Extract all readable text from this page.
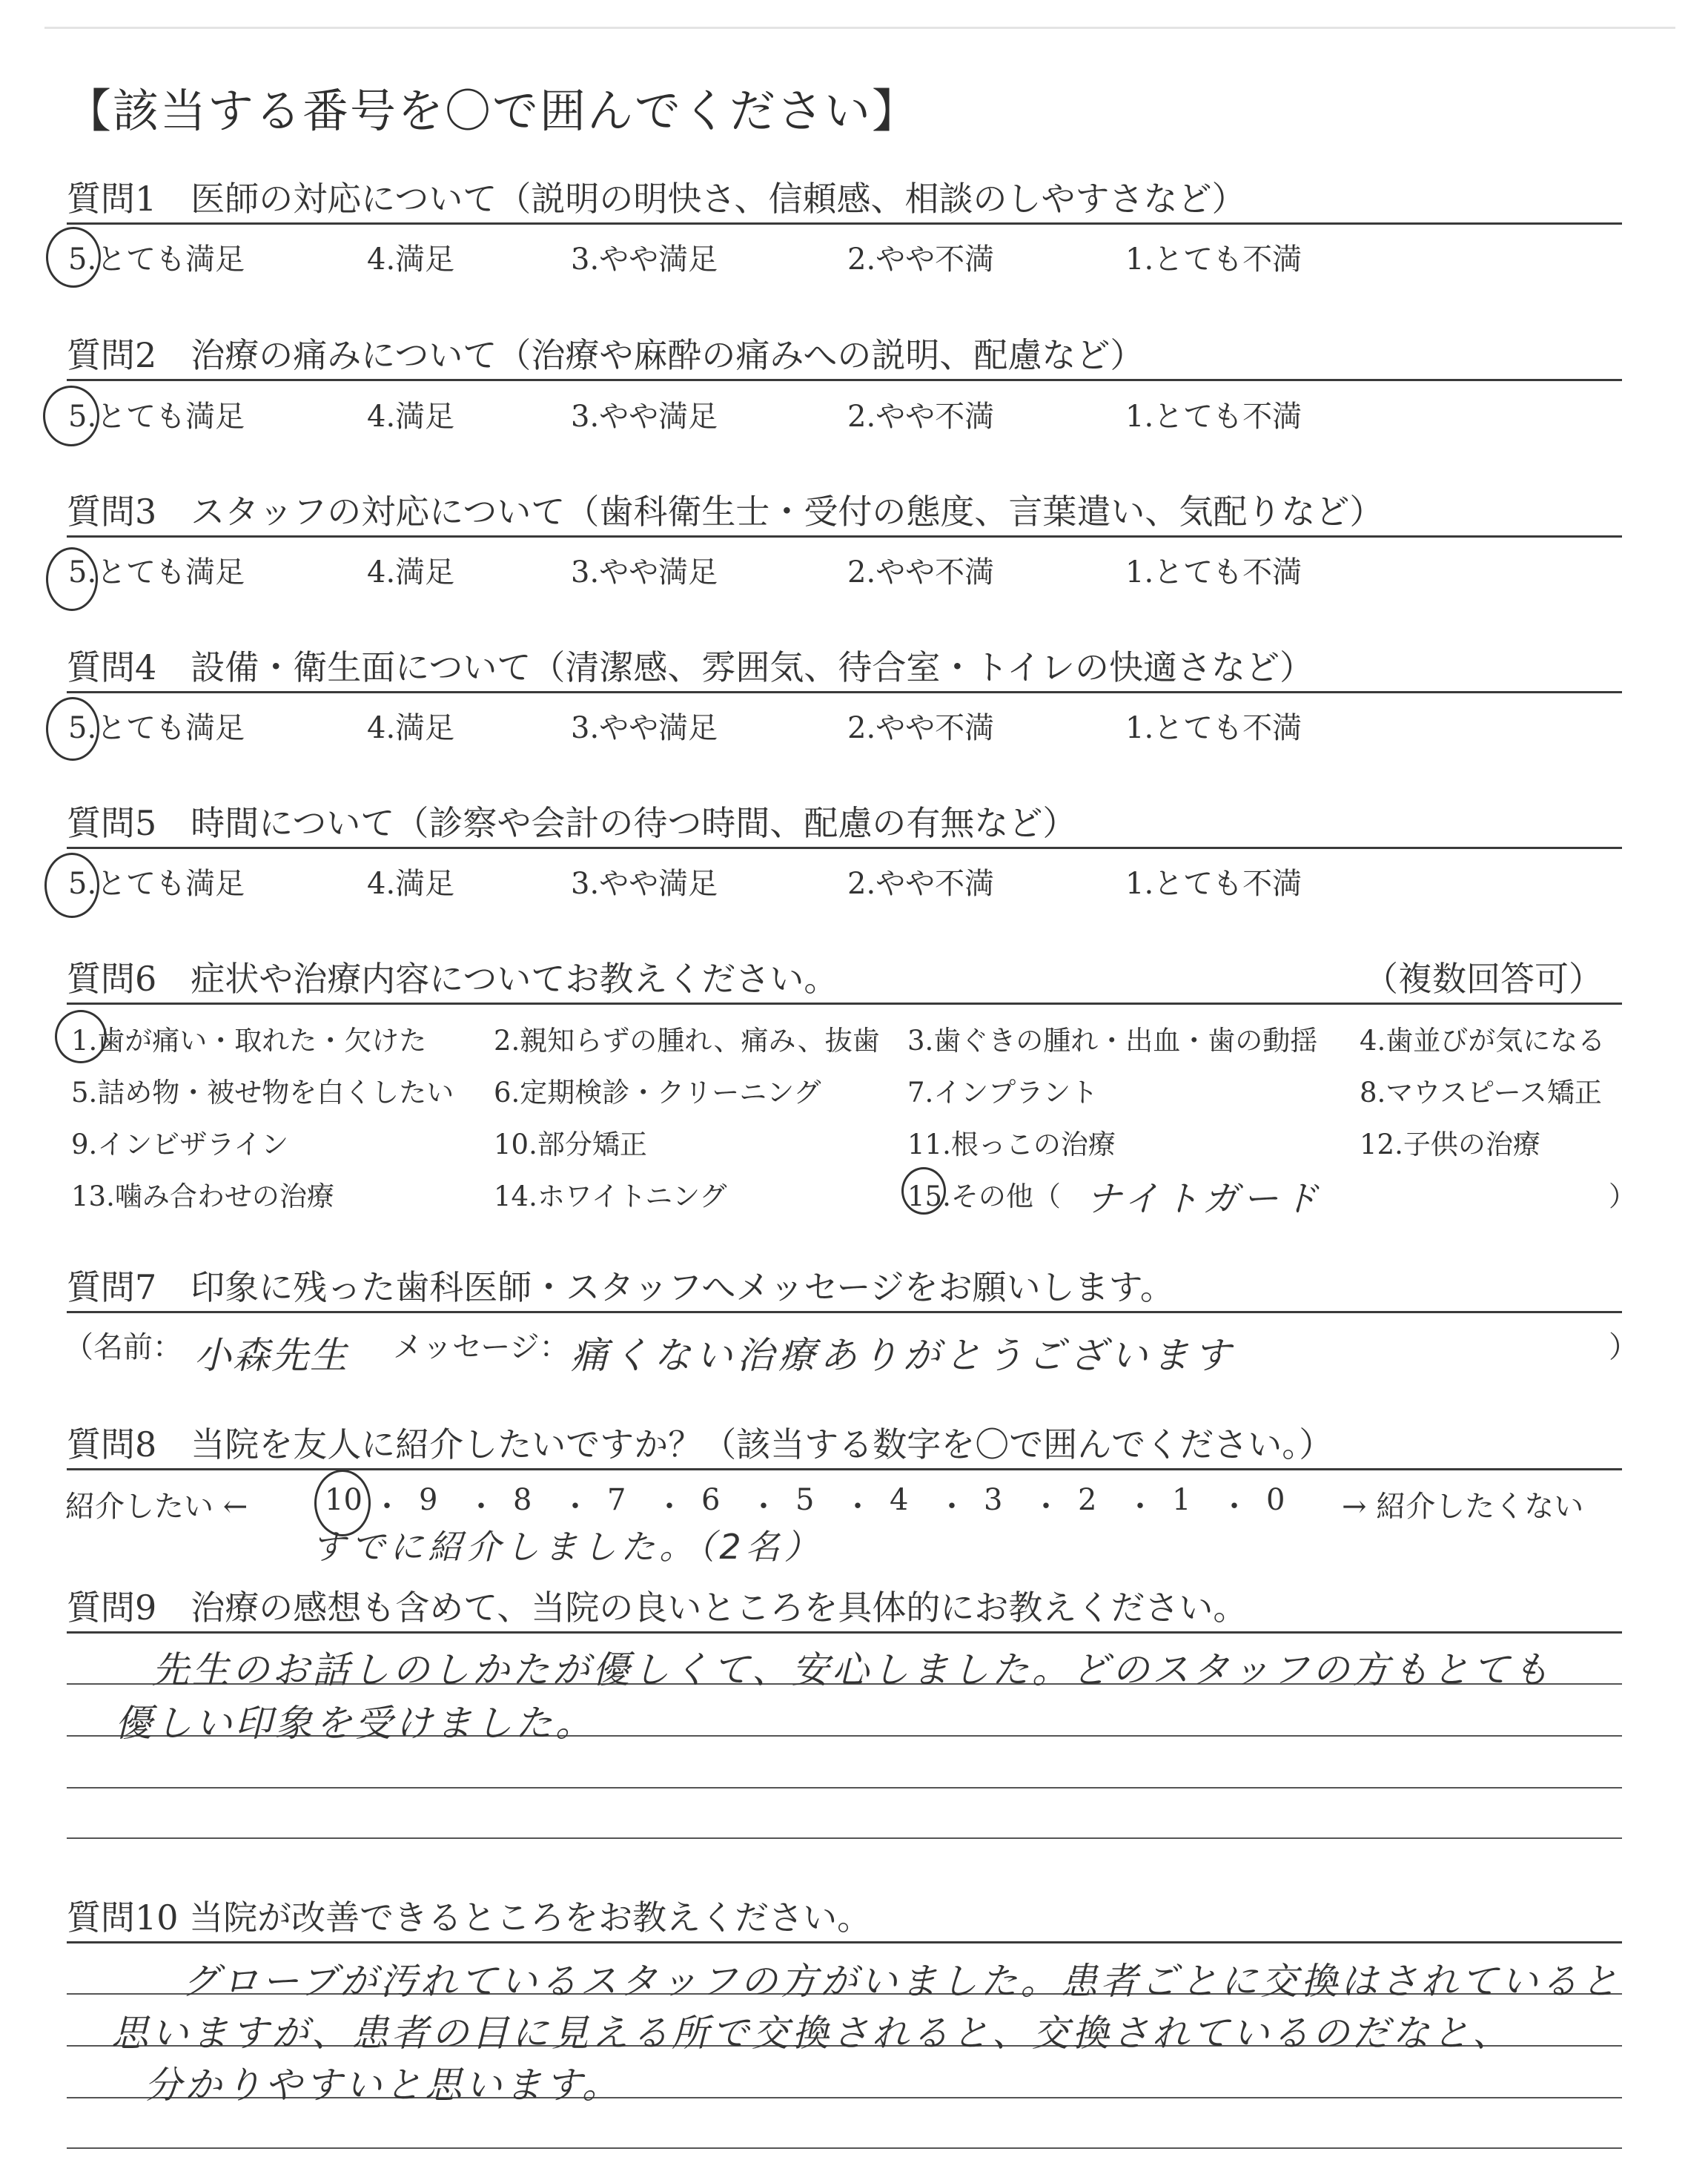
【該当する番号を〇で囲んでください】
質問1　医師の対応について（説明の明快さ、信頼感、相談のしやすさなど）
5.とても満足	4.満足	3.やや満足	2.やや不満	1.とても不満
質問2　治療の痛みについて（治療や麻酔の痛みへの説明、配慮など）
5.とても満足	4.満足	3.やや満足	2.やや不満	1.とても不満
質問3　スタッフの対応について（歯科衛生士・受付の態度、言葉遣い、気配りなど）
5.とても満足	4.満足	3.やや満足	2.やや不満	1.とても不満
質問4　設備・衛生面について（清潔感、雰囲気、待合室・トイレの快適さなど）
5.とても満足	4.満足	3.やや満足	2.やや不満	1.とても不満
質問5　時間について（診察や会計の待つ時間、配慮の有無など）
5.とても満足	4.満足	3.やや満足	2.やや不満	1.とても不満
質問6　症状や治療内容についてお教えください。	（複数回答可）
1.歯が痛い・取れた・欠けた 2.親知らずの腫れ、痛み、抜歯 3.歯ぐきの腫れ・出血・歯の動揺 4.歯並びが気になる
5.詰め物・被せ物を白くしたい 6.定期検診・クリーニング	7.インプラント	8.マウスピース矯正
9.インビザライン	10.部分矯正	11.根っこの治療	12.子供の治療
13.噛み合わせの治療	14.ホワイトニング	15.その他（ ナイトガード	）
質問7　印象に残った歯科医師・スタッフへメッセージをお願いします。
（名前： 小森先生 メッセージ： 痛くない治療ありがとうございます	）
質問8　当院を友人に紹介したいですか？（該当する数字を〇で囲んでください。）
紹介したい ←	10 ・ 9 ・ 8 ・ 7 ・ 6 ・ 5 ・ 4 ・ 3 ・ 2 ・ 1 ・ 0 → 紹介したくない
すでに紹介しました。（2名）
質問9　治療の感想も含めて、当院の良いところを具体的にお教えください。
先生のお話しのしかたが優しくて、安心しました。どのスタッフの方もとても
優しい印象を受けました。
質問10 当院が改善できるところをお教えください。
グローブが汚れているスタッフの方がいました。患者ごとに交換はされていると
思いますが、患者の目に見える所で交換されると、交換されているのだなと、
分かりやすいと思います。
